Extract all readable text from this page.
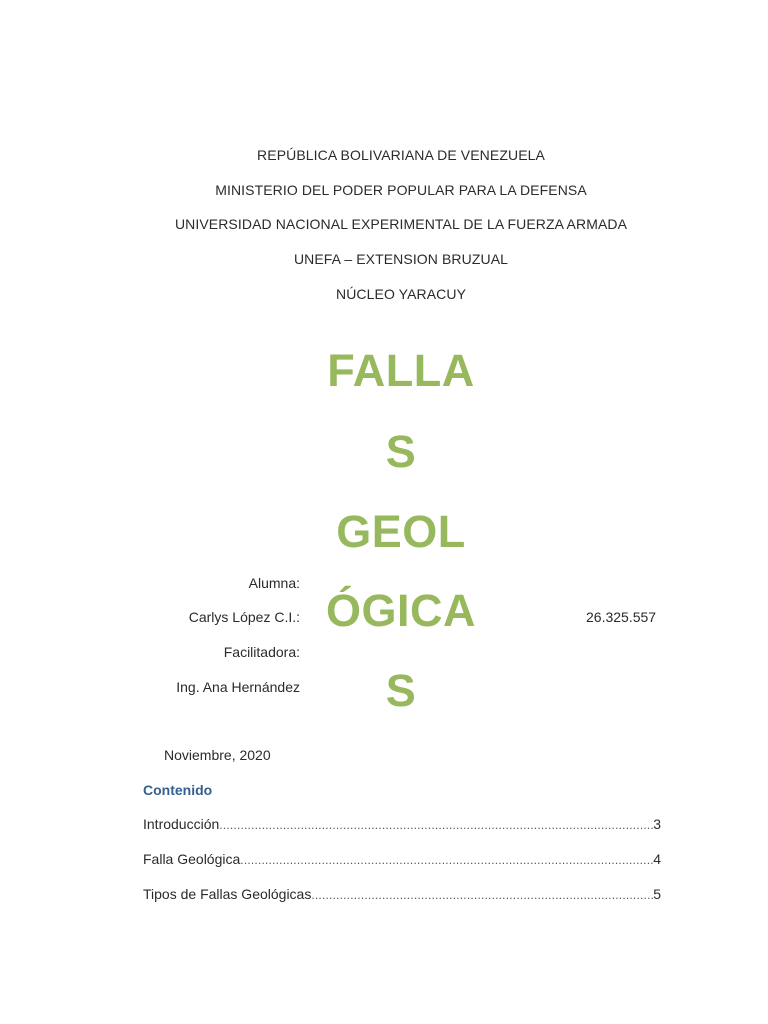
REPÚBLICA BOLIVARIANA DE VENEZUELA
MINISTERIO DEL PODER POPULAR PARA LA DEFENSA
UNIVERSIDAD NACIONAL EXPERIMENTAL DE LA FUERZA ARMADA
UNEFA – EXTENSION BRUZUAL
NÚCLEO YARACUY
FALLA
S
GEOL
ÓGICA
S
Alumna:
Carlys López C.I.:	26.325.557
Facilitadora:
Ing. Ana Hernández
Noviembre, 2020
Contenido
Introducción .....	3
Falla Geológica .....	4
Tipos de Fallas Geológicas .....	5
